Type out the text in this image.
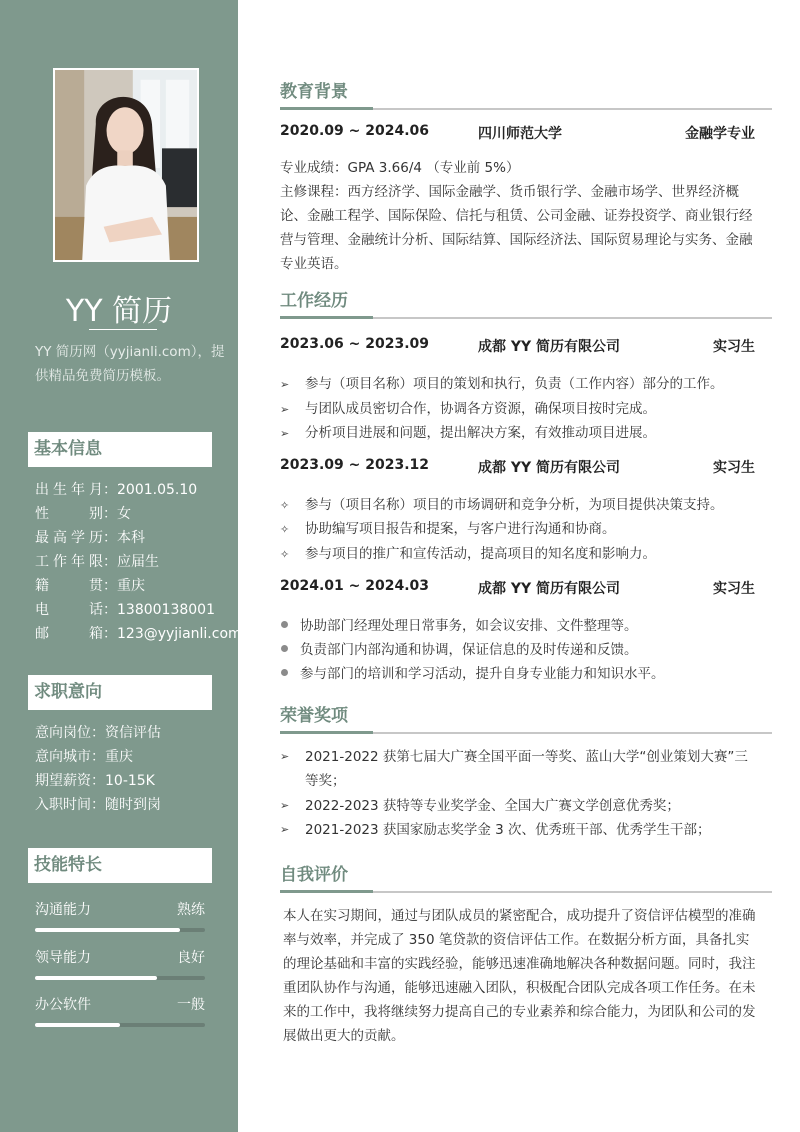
YY 简历
YY 简历网（yyjianli.com），提供精品免费简历模板。
基本信息
出生年月：2001.05.10
性别：女
最高学历：本科
工作年限：应届生
籍贯：重庆
电话：13800138001
邮箱：123@yyjianli.com
求职意向
意向岗位：资信评估
意向城市：重庆
期望薪资：10-15K
入职时间：随时到岗
技能特长
沟通能力	熟练
领导能力	良好
办公软件	一般
教育背景
2020.09 ~ 2024.06	四川师范大学	金融学专业
专业成绩：GPA 3.66/4 （专业前 5%）
主修课程：西方经济学、国际金融学、货币银行学、金融市场学、世界经济概论、金融工程学、国际保险、信托与租赁、公司金融、证券投资学、商业银行经营与管理、金融统计分析、国际结算、国际经济法、国际贸易理论与实务、金融专业英语。
工作经历
2023.06 ~ 2023.09	成都 YY 简历有限公司	实习生
➢ 参与（项目名称）项目的策划和执行，负责（工作内容）部分的工作。
➢ 与团队成员密切合作，协调各方资源，确保项目按时完成。
➢ 分析项目进展和问题，提出解决方案，有效推动项目进展。
2023.09 ~ 2023.12	成都 YY 简历有限公司	实习生
✧ 参与（项目名称）项目的市场调研和竞争分析，为项目提供决策支持。
✧ 协助编写项目报告和提案，与客户进行沟通和协商。
✧ 参与项目的推广和宣传活动，提高项目的知名度和影响力。
2024.01 ~ 2024.03	成都 YY 简历有限公司	实习生
协助部门经理处理日常事务，如会议安排、文件整理等。
负责部门内部沟通和协调，保证信息的及时传递和反馈。
参与部门的培训和学习活动，提升自身专业能力和知识水平。
荣誉奖项
➢	2021-2022 获第七届大广赛全国平面一等奖、蓝山大学“创业策划大赛”三等奖；
➢	2022-2023 获特等专业奖学金、全国大广赛文学创意优秀奖；
➢	2021-2023 获国家励志奖学金 3 次、优秀班干部、优秀学生干部；
自我评价
本人在实习期间，通过与团队成员的紧密配合，成功提升了资信评估模型的准确率与效率，并完成了 350 笔贷款的资信评估工作。在数据分析方面，具备扎实的理论基础和丰富的实践经验，能够迅速准确地解决各种数据问题。同时，我注重团队协作与沟通，能够迅速融入团队，积极配合团队完成各项工作任务。在未来的工作中，我将继续努力提高自己的专业素养和综合能力，为团队和公司的发展做出更大的贡献。
